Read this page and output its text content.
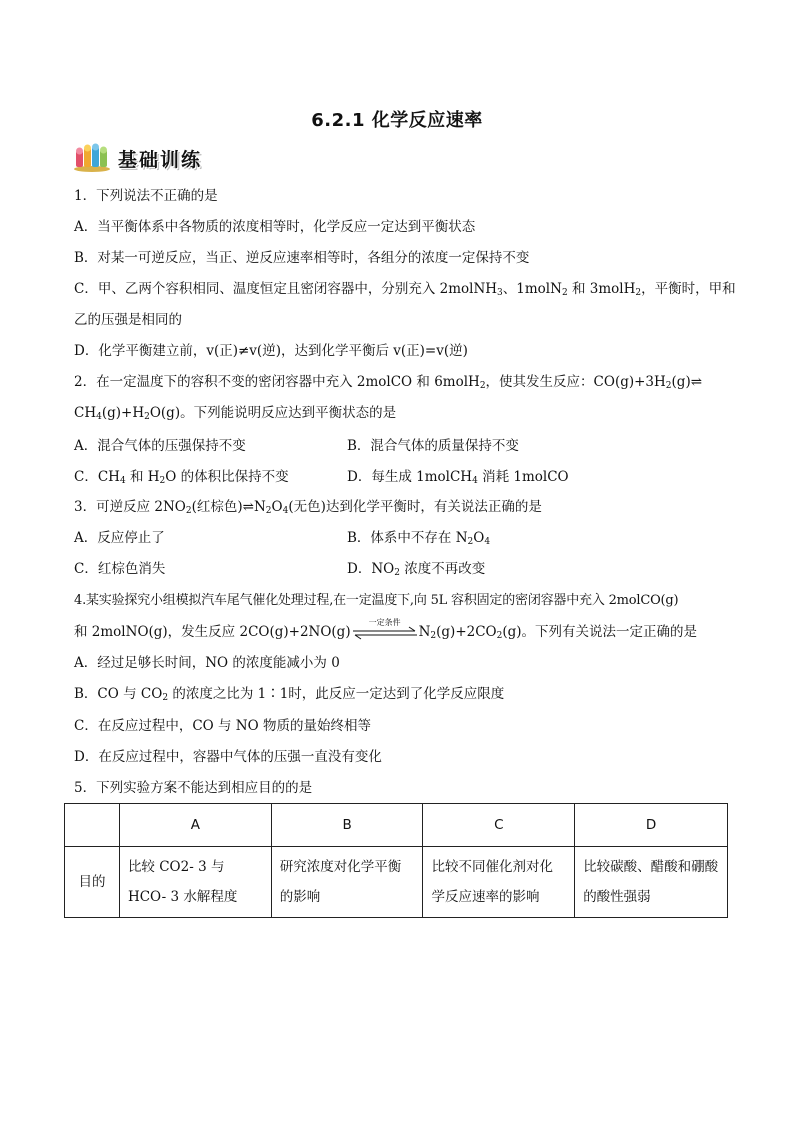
6.2.1 化学反应速率
基础训练
1．下列说法不正确的是
A．当平衡体系中各物质的浓度相等时，化学反应一定达到平衡状态
B．对某一可逆反应，当正、逆反应速率相等时，各组分的浓度一定保持不变
C．甲、乙两个容积相同、温度恒定且密闭容器中，分别充入 2molNH$_3$、1molN$_2$ 和 3molH$_2$，平衡时，甲和
乙的压强是相同的
D．化学平衡建立前，v(正)≠v(逆)，达到化学平衡后 v(正)=v(逆)
2．在一定温度下的容积不变的密闭容器中充入 2molCO 和 6molH$_2$，使其发生反应：$CO(g)+3H_2(g)\rightleftharpoons$
$CH_4(g)+H_2O(g)$。下列能说明反应达到平衡状态的是
A．混合气体的压强保持不变	B．混合气体的质量保持不变
C．$CH_4$ 和 $H_2O$ 的体积比保持不变	D．每生成 1molCH$_4$ 消耗 1molCO
3．可逆反应 $2NO_2$(红棕色)$\rightleftharpoons N_2O_4$(无色)达到化学平衡时，有关说法正确的是
A．反应停止了	B．体系中不存在 $N_2O_4$
C．红棕色消失	D．$NO_2$ 浓度不再改变
4.某实验探究小组模拟汽车尾气催化处理过程,在一定温度下,向 5L 容积固定的密闭容器中充入 2molCO(g)
和 2molNO(g)，发生反应 2CO(g)+2NO(g)
一定条件
$N_2(g)+2CO_2(g)$。下列有关说法一定正确的是
A．经过足够长时间，NO 的浓度能减小为 0
B．CO 与 $CO_2$ 的浓度之比为 1∶1时，此反应一定达到了化学反应限度
C．在反应过程中，CO 与 NO 物质的量始终相等
D．在反应过程中，容器中气体的压强一直没有变化
5．下列实验方案不能达到相应目的的是
	A	B	C	D
目的	比较 CO2- 3 与 HCO- 3 水解程度	研究浓度对化学平衡的影响	比较不同催化剂对化学反应速率的影响	比较碳酸、醋酸和硼酸的酸性强弱
